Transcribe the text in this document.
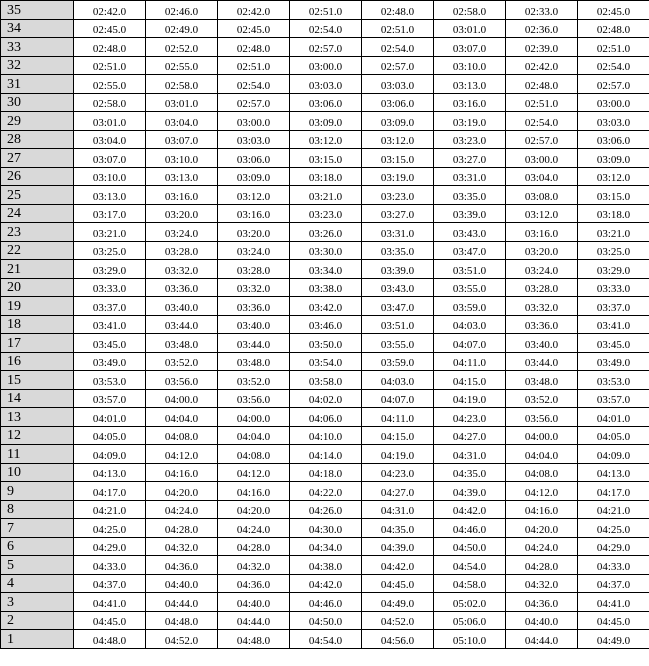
35	02:42.0	02:46.0	02:42.0	02:51.0	02:48.0	02:58.0	02:33.0	02:45.0
34	02:45.0	02:49.0	02:45.0	02:54.0	02:51.0	03:01.0	02:36.0	02:48.0
33	02:48.0	02:52.0	02:48.0	02:57.0	02:54.0	03:07.0	02:39.0	02:51.0
32	02:51.0	02:55.0	02:51.0	03:00.0	02:57.0	03:10.0	02:42.0	02:54.0
31	02:55.0	02:58.0	02:54.0	03:03.0	03:03.0	03:13.0	02:48.0	02:57.0
30	02:58.0	03:01.0	02:57.0	03:06.0	03:06.0	03:16.0	02:51.0	03:00.0
29	03:01.0	03:04.0	03:00.0	03:09.0	03:09.0	03:19.0	02:54.0	03:03.0
28	03:04.0	03:07.0	03:03.0	03:12.0	03:12.0	03:23.0	02:57.0	03:06.0
27	03:07.0	03:10.0	03:06.0	03:15.0	03:15.0	03:27.0	03:00.0	03:09.0
26	03:10.0	03:13.0	03:09.0	03:18.0	03:19.0	03:31.0	03:04.0	03:12.0
25	03:13.0	03:16.0	03:12.0	03:21.0	03:23.0	03:35.0	03:08.0	03:15.0
24	03:17.0	03:20.0	03:16.0	03:23.0	03:27.0	03:39.0	03:12.0	03:18.0
23	03:21.0	03:24.0	03:20.0	03:26.0	03:31.0	03:43.0	03:16.0	03:21.0
22	03:25.0	03:28.0	03:24.0	03:30.0	03:35.0	03:47.0	03:20.0	03:25.0
21	03:29.0	03:32.0	03:28.0	03:34.0	03:39.0	03:51.0	03:24.0	03:29.0
20	03:33.0	03:36.0	03:32.0	03:38.0	03:43.0	03:55.0	03:28.0	03:33.0
19	03:37.0	03:40.0	03:36.0	03:42.0	03:47.0	03:59.0	03:32.0	03:37.0
18	03:41.0	03:44.0	03:40.0	03:46.0	03:51.0	04:03.0	03:36.0	03:41.0
17	03:45.0	03:48.0	03:44.0	03:50.0	03:55.0	04:07.0	03:40.0	03:45.0
16	03:49.0	03:52.0	03:48.0	03:54.0	03:59.0	04:11.0	03:44.0	03:49.0
15	03:53.0	03:56.0	03:52.0	03:58.0	04:03.0	04:15.0	03:48.0	03:53.0
14	03:57.0	04:00.0	03:56.0	04:02.0	04:07.0	04:19.0	03:52.0	03:57.0
13	04:01.0	04:04.0	04:00.0	04:06.0	04:11.0	04:23.0	03:56.0	04:01.0
12	04:05.0	04:08.0	04:04.0	04:10.0	04:15.0	04:27.0	04:00.0	04:05.0
11	04:09.0	04:12.0	04:08.0	04:14.0	04:19.0	04:31.0	04:04.0	04:09.0
10	04:13.0	04:16.0	04:12.0	04:18.0	04:23.0	04:35.0	04:08.0	04:13.0
9	04:17.0	04:20.0	04:16.0	04:22.0	04:27.0	04:39.0	04:12.0	04:17.0
8	04:21.0	04:24.0	04:20.0	04:26.0	04:31.0	04:42.0	04:16.0	04:21.0
7	04:25.0	04:28.0	04:24.0	04:30.0	04:35.0	04:46.0	04:20.0	04:25.0
6	04:29.0	04:32.0	04:28.0	04:34.0	04:39.0	04:50.0	04:24.0	04:29.0
5	04:33.0	04:36.0	04:32.0	04:38.0	04:42.0	04:54.0	04:28.0	04:33.0
4	04:37.0	04:40.0	04:36.0	04:42.0	04:45.0	04:58.0	04:32.0	04:37.0
3	04:41.0	04:44.0	04:40.0	04:46.0	04:49.0	05:02.0	04:36.0	04:41.0
2	04:45.0	04:48.0	04:44.0	04:50.0	04:52.0	05:06.0	04:40.0	04:45.0
1	04:48.0	04:52.0	04:48.0	04:54.0	04:56.0	05:10.0	04:44.0	04:49.0
